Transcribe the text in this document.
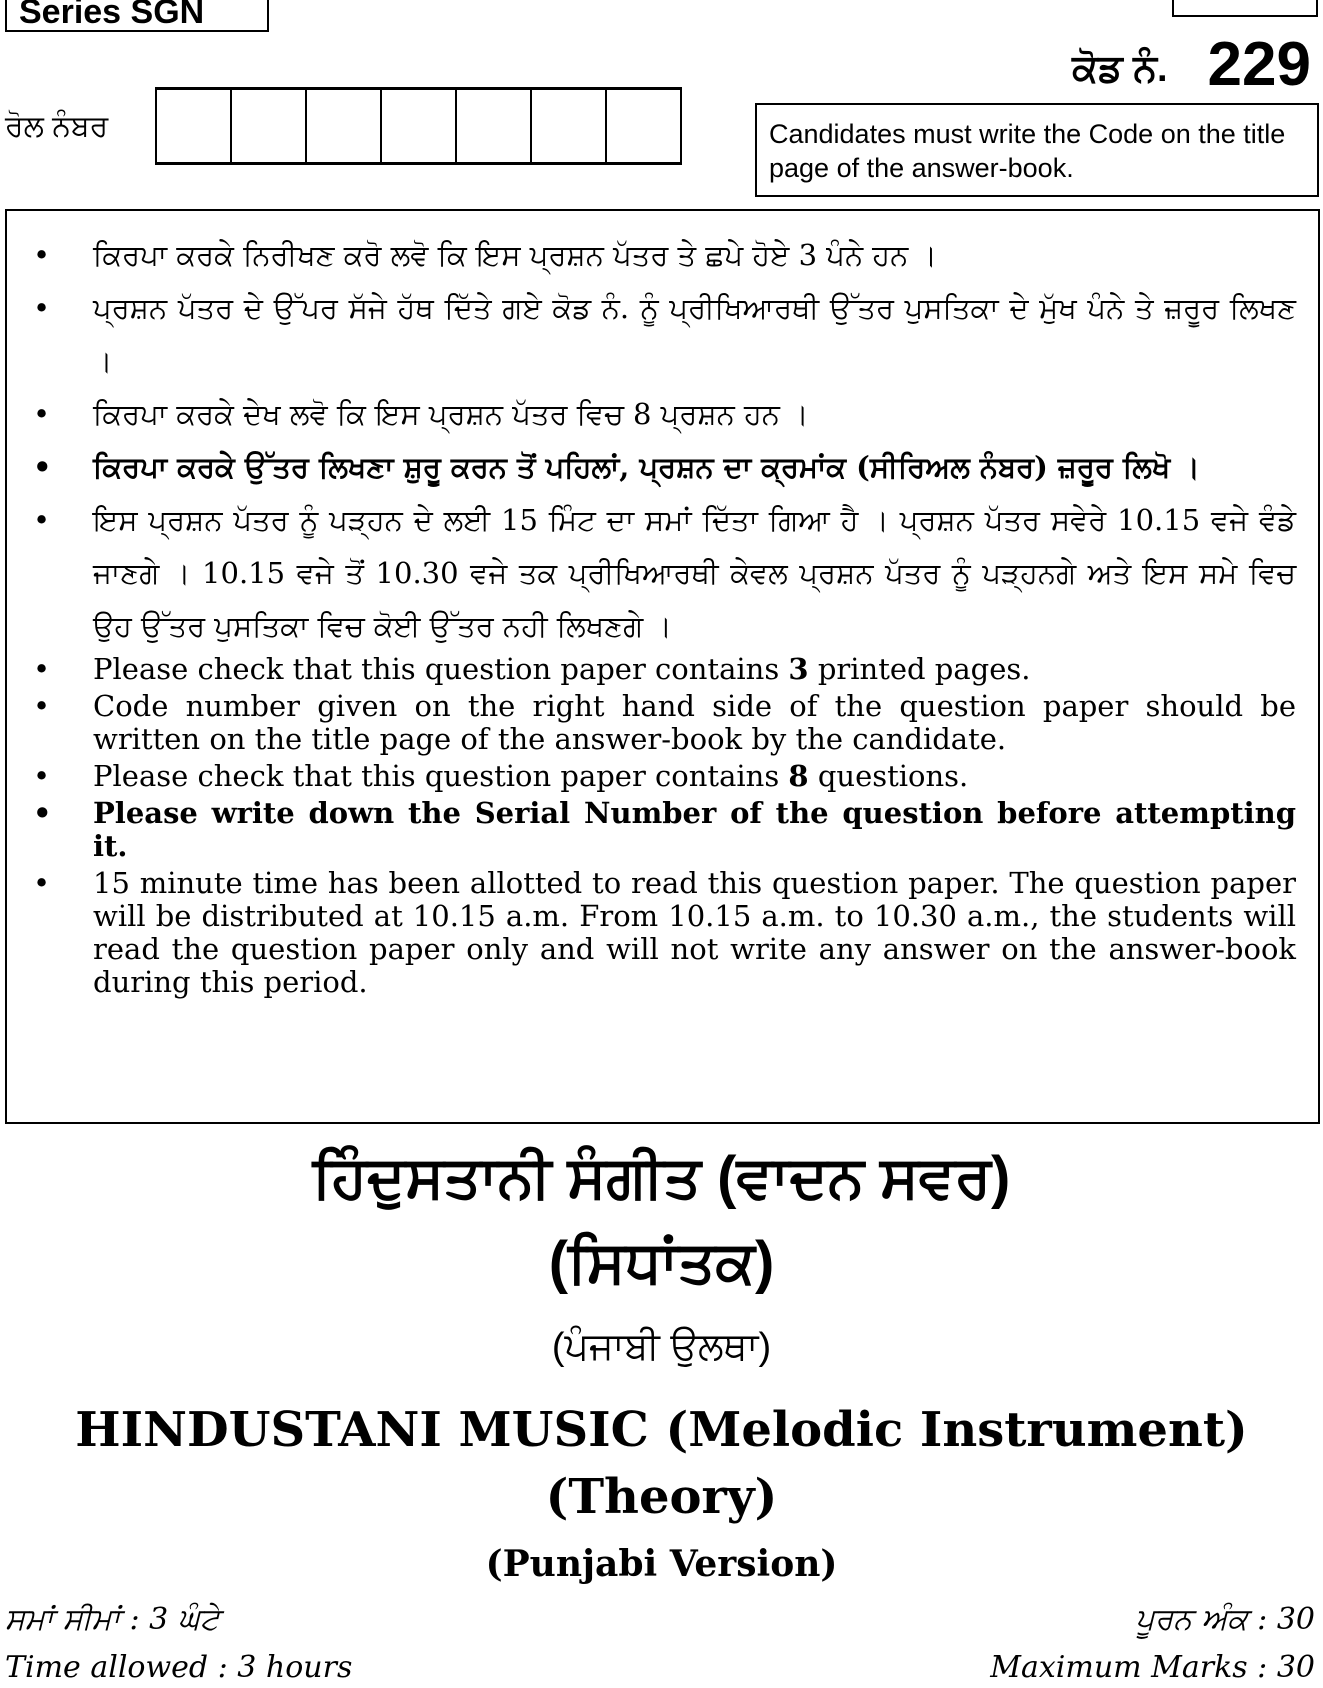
Series SGN
ਕੋਡ ਨੰ. 229
ਰੋਲ ਨੰਬਰ	Candidates must write the Code on the title page of the answer-book.
• ਕਿਰਪਾ ਕਰਕੇ ਨਿਰੀਖਣ ਕਰੋ ਲਵੋ ਕਿ ਇਸ ਪ੍ਰਸ਼ਨ ਪੱਤਰ ਤੇ ਛਪੇ ਹੋਏ 3 ਪੰਨੇ ਹਨ ।
• ਪ੍ਰਸ਼ਨ ਪੱਤਰ ਦੇ ਉੱਪਰ ਸੱਜੇ ਹੱਥ ਦਿੱਤੇ ਗਏ ਕੋਡ ਨੰ. ਨੂੰ ਪ੍ਰੀਖਿਆਰਥੀ ਉੱਤਰ ਪੁਸਤਿਕਾ ਦੇ ਮੁੱਖ ਪੰਨੇ ਤੇ ਜ਼ਰੂਰ ਲਿਖਣ ।
• ਕਿਰਪਾ ਕਰਕੇ ਦੇਖ ਲਵੋ ਕਿ ਇਸ ਪ੍ਰਸ਼ਨ ਪੱਤਰ ਵਿਚ 8 ਪ੍ਰਸ਼ਨ ਹਨ ।
• ਕਿਰਪਾ ਕਰਕੇ ਉੱਤਰ ਲਿਖਣਾ ਸ਼ੁਰੂ ਕਰਨ ਤੋਂ ਪਹਿਲਾਂ, ਪ੍ਰਸ਼ਨ ਦਾ ਕ੍ਰਮਾਂਕ (ਸੀਰਿਅਲ ਨੰਬਰ) ਜ਼ਰੂਰ ਲਿਖੋ ।
• ਇਸ ਪ੍ਰਸ਼ਨ ਪੱਤਰ ਨੂੰ ਪੜ੍ਹਨ ਦੇ ਲਈ 15 ਮਿੰਟ ਦਾ ਸਮਾਂ ਦਿੱਤਾ ਗਿਆ ਹੈ । ਪ੍ਰਸ਼ਨ ਪੱਤਰ ਸਵੇਰੇ 10.15 ਵਜੇ ਵੰਡੇ ਜਾਣਗੇ । 10.15 ਵਜੇ ਤੋਂ 10.30 ਵਜੇ ਤਕ ਪ੍ਰੀਖਿਆਰਥੀ ਕੇਵਲ ਪ੍ਰਸ਼ਨ ਪੱਤਰ ਨੂੰ ਪੜ੍ਹਨਗੇ ਅਤੇ ਇਸ ਸਮੇ ਵਿਚ ਉਹ ਉੱਤਰ ਪੁਸਤਿਕਾ ਵਿਚ ਕੋਈ ਉੱਤਰ ਨਹੀ ਲਿਖਣਗੇ ।
• Please check that this question paper contains 3 printed pages.
• Code number given on the right hand side of the question paper should be written on the title page of the answer-book by the candidate.
• Please check that this question paper contains 8 questions.
• Please write down the Serial Number of the question before attempting it.
• 15 minute time has been allotted to read this question paper. The question paper will be distributed at 10.15 a.m. From 10.15 a.m. to 10.30 a.m., the students will read the question paper only and will not write any answer on the answer-book during this period.
ਹਿੰਦੁਸਤਾਨੀ ਸੰਗੀਤ (ਵਾਦਨ ਸਵਰ)
(ਸਿਧਾਂਤਕ)
(ਪੰਜਾਬੀ ਉਲਥਾ)
HINDUSTANI MUSIC (Melodic Instrument)
(Theory)
(Punjabi Version)
ਸਮਾਂ ਸੀਮਾਂ : 3 ਘੰਟੇ	ਪੂਰਨ ਅੰਕ : 30
Time allowed : 3 hours	Maximum Marks : 30
